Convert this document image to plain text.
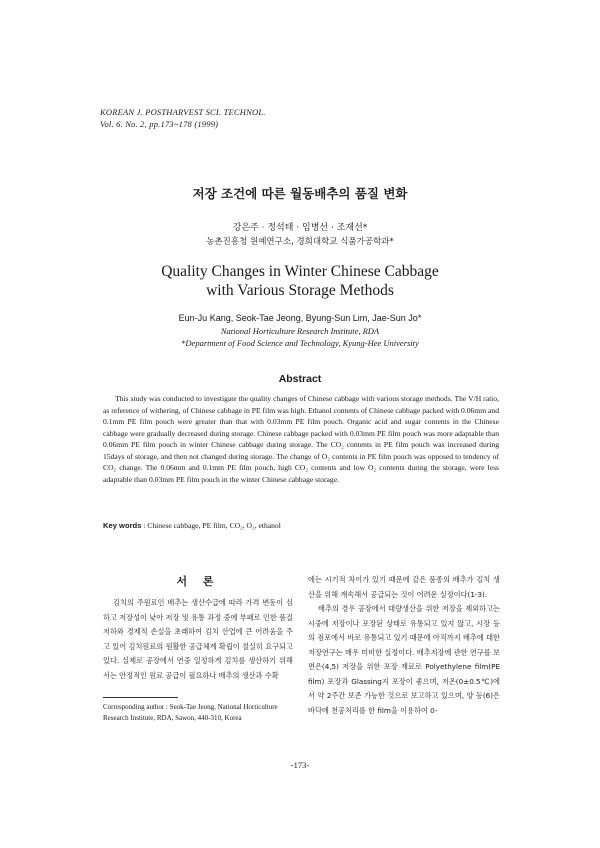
KOREAN J. POSTHARVEST SCI. TECHNOL.
Vol. 6. No. 2, pp.173~178 (1999)
저장 조건에 따른 월동배추의 품질 변화
강은주 · 정석태 · 임병선 · 조재선*
농촌진흥청 원예연구소, 경희대학교 식품가공학과*
Quality Changes in Winter Chinese Cabbage
with Various Storage Methods
Eun-Ju Kang, Seok-Tae Jeong, Byung-Sun Lim, Jae-Sun Jo*
National Horticulture Research Institute, RDA
*Department of Food Science and Technology, Kyung-Hee University
Abstract
This study was conducted to investigate the quality changes of Chinese cabbage with various storage methods. The V/H ratio, as reference of withering, of Chinese cabbage in PE film was high. Ethanol contents of Chinese cabbage packed with 0.06mm and 0.1mm PE film pouch were greater than that with 0.03mm PE film pouch. Organic acid and sugar contents in the Chinese cabbage were gradually decreased during storage. Chinese cabbage packed with 0.03mm PE film pouch was more adaptable than 0.06mm PE film pouch in winter Chinese cabbage during storage. The CO₂ contents in PE film pouch was increased during 15days of storage, and then not changed during storage. The change of O₂ contents in PE film pouch was opposed to tendency of CO₂ change. The 0.06mm and 0.1mm PE film pouch, high CO₂ contents and low O₂ contents during the storage, were less adaptable than 0.03mm PE film pouch in the winter Chinese cabbage storage.
Key words : Chinese cabbage, PE film, CO₂, O₂, ethanol
서 론
김치의 주원료인 배추는 생산수급에 따라 가격 변동이 심하고 저장성이 낮아 저장 및 유통 과정 중에 부패로 인한 품질 저하와 경제적 손실을 초래하여 김치 산업에 큰 어려움을 주고 있어 김치원료의 원활한 공급체계 확립이 절실히 요구되고 있다. 실제로 공장에서 연중 일정하게 김치를 생산하기 위해서는 안정적인 원료 공급이 필요하나 배추의 생산과 수확

에는 시기적 차이가 있기 때문에 같은 품종의 배추가 김치 생산을 위해 계속해서 공급되는 것이 어려운 실정이다(1-3).

배추의 경우 공장에서 대량생산을 위한 저장을 제외하고는 시중에 저장이나 포장된 상태로 유통되고 있지 않고, 시장 등의 점포에서 바로 유통되고 있기 때문에 아직까지 배추에 대한 저장연구는 매우 미비한 실정이다. 배추저장에 관한 연구를 보면은(4,5) 저장을 위한 포장 재료로 Polyethylene film(PE film) 포장과 Glassing지 포장이 좋으며, 저온(0±0.5℃)에서 약 2주간 보존 가능한 것으로 보고하고 있으며, 양 등(6)은 바닥에 천공처리를 한 film을 이용하여 0-

Corresponding author : Seok-Tae Jeong, National Horticulture Research Institute, RDA, Sawon, 440-310, Korea
-173-
